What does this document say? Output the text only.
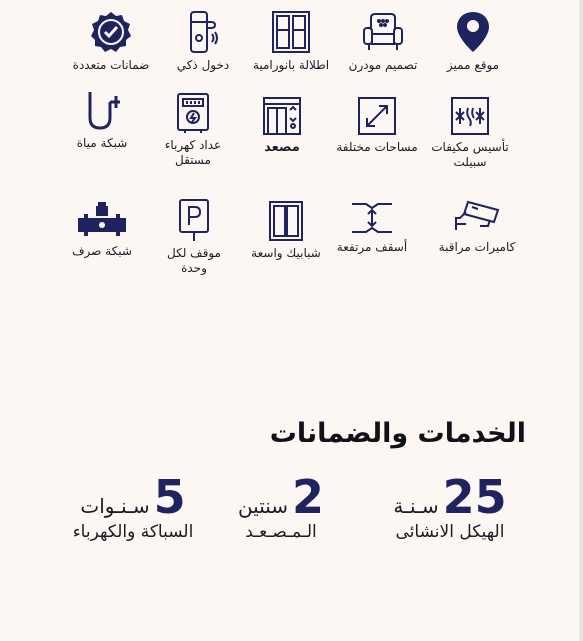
موقع مميز
تصميم مودرن
اطلالة بانورامية
دخول ذكي
ضمانات متعددة
تأسيس مكيفات سبيلت
مساحات مختلفة
مصعد
عداد كهرباء مستقل
شبكة مياة
كاميرات مراقبة
أسقف مرتفعة
شبابيك واسعة
موقف لكل وحدة
شبكة صرف
الخدمات والضمانات
25سـنـة
الهيكل الانشائى
2سنتين
الـمـصـعـد
5سـنـوات
السباكة والكهرباء
